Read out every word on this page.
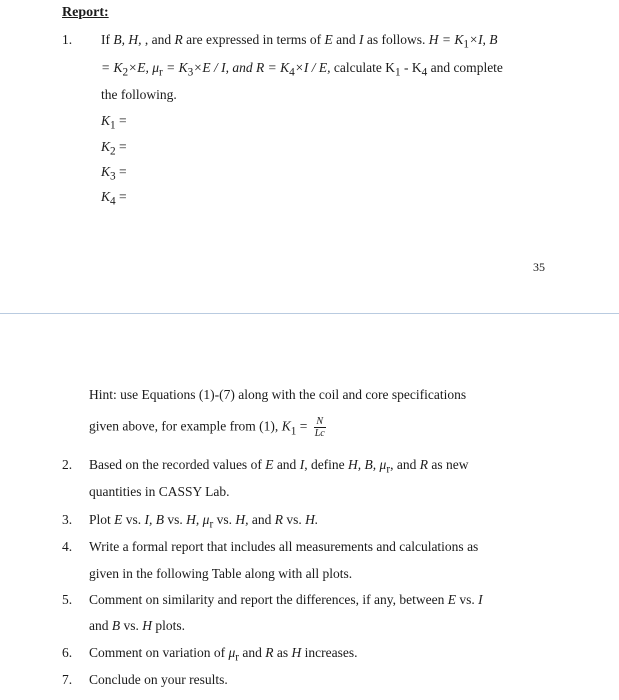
Report:
1. If B, H, , and R are expressed in terms of E and I as follows. $H = K_1\times I$, B
= $K_2\times E$, $\mu_r = K_3\times E / I$, and $R = K_4\times I / E$, calculate $K_1 - K_4$ and complete
the following.
$K_1$ =
$K_2$ =
$K_3$ =
$K_4$ =
35
Hint: use Equations (1)-(7) along with the coil and core specifications
given above, for example from (1), $K_1 = \frac{N}{Lc}$
2. Based on the recorded values of E and I, define H, B, $\mu_r$, and R as new
quantities in CASSY Lab.
3. Plot E vs. I, B vs. H, $\mu_r$ vs. H, and R vs. H.
4. Write a formal report that includes all measurements and calculations as
given in the following Table along with all plots.
5. Comment on similarity and report the differences, if any, between E vs. I
and B vs. H plots.
6. Comment on variation of $\mu_r$ and R as H increases.
7. Conclude on your results.
